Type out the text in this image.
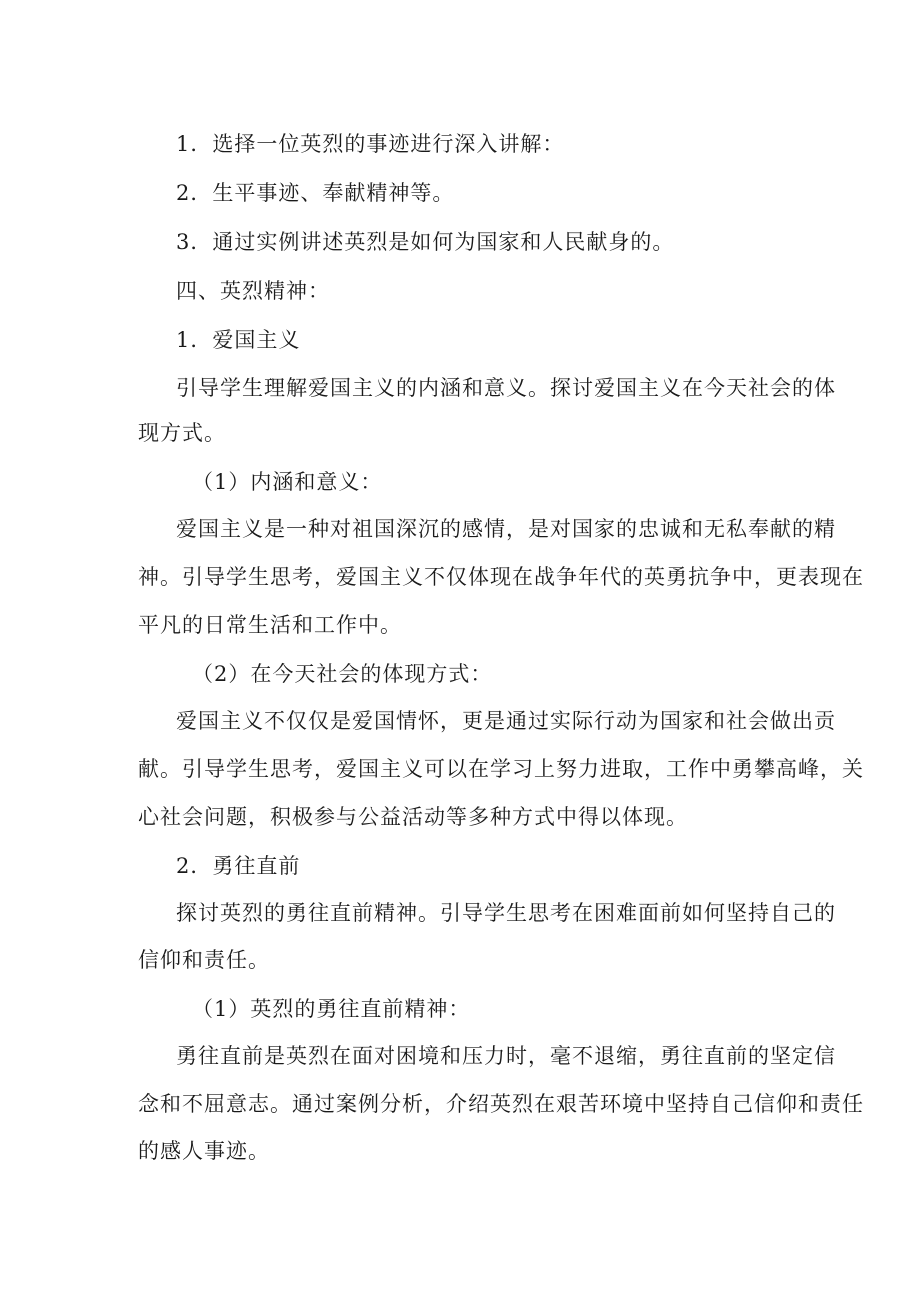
1．选择一位英烈的事迹进行深入讲解：
2．生平事迹、奉献精神等。
3．通过实例讲述英烈是如何为国家和人民献身的。
四、英烈精神：
1．爱国主义
引导学生理解爱国主义的内涵和意义。探讨爱国主义在今天社会的体
现方式。
（1）内涵和意义：
爱国主义是一种对祖国深沉的感情，是对国家的忠诚和无私奉献的精
神。引导学生思考，爱国主义不仅体现在战争年代的英勇抗争中，更表现在
平凡的日常生活和工作中。
（2）在今天社会的体现方式：
爱国主义不仅仅是爱国情怀，更是通过实际行动为国家和社会做出贡
献。引导学生思考，爱国主义可以在学习上努力进取，工作中勇攀高峰，关
心社会问题，积极参与公益活动等多种方式中得以体现。
2．勇往直前
探讨英烈的勇往直前精神。引导学生思考在困难面前如何坚持自己的
信仰和责任。
（1）英烈的勇往直前精神：
勇往直前是英烈在面对困境和压力时，毫不退缩，勇往直前的坚定信
念和不屈意志。通过案例分析，介绍英烈在艰苦环境中坚持自己信仰和责任
的感人事迹。
